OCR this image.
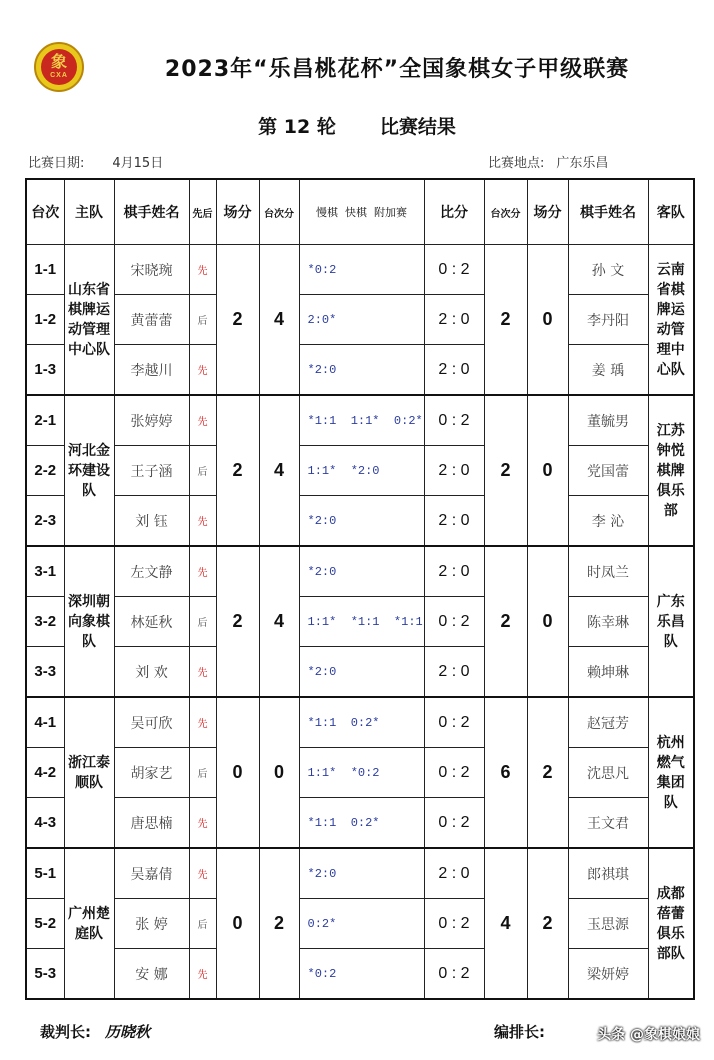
象
CXA	2023年“乐昌桃花杯”全国象棋女子甲级联赛
第 12 轮 比赛结果
比赛日期: 4月15日	比赛地点: 广东乐昌
台次	主队	棋手姓名	先后	场分	台次分	慢棋  快棋  附加赛	比分	台次分	场分	棋手姓名	客队
1-1	山东省棋牌运动管理中心队	宋晓琬	先	2	4	*0:2	0 : 2	2	0	孙 文	云南省棋牌运动管理中心队
1-2		黄蕾蕾	后			2:0*	2 : 0			李丹阳	
1-3		李越川	先			*2:0	2 : 0			姜 瑀	
2-1	河北金环建设队	张婷婷	先	2	4	*1:1  1:1*  0:2*	0 : 2	2	0	董毓男	江苏钟悦棋牌俱乐部
2-2		王子涵	后			1:1*  *2:0	2 : 0			党国蕾	
2-3		刘 钰	先			*2:0	2 : 0			李 沁	
3-1	深圳朝向象棋队	左文静	先	2	4	*2:0	2 : 0	2	0	时凤兰	广东乐昌队
3-2		林延秋	后			1:1*  *1:1  *1:1	0 : 2			陈幸琳	
3-3		刘 欢	先			*2:0	2 : 0			赖坤琳	
4-1	浙江泰顺队	吴可欣	先	0	0	*1:1  0:2*	0 : 2	6	2	赵冠芳	杭州燃气集团队
4-2		胡家艺	后			1:1*  *0:2	0 : 2			沈思凡	
4-3		唐思楠	先			*1:1  0:2*	0 : 2			王文君	
5-1	广州楚庭队	吴嘉倩	先	0	2	*2:0	2 : 0	4	2	郎祺琪	成都蓓蕾俱乐部队
5-2		张 婷	后			0:2*	0 : 2			玉思源	
5-3		安 娜	先			*0:2	0 : 2			梁妍婷	
裁判长: 历晓秋	编排长:	头条 @象棋娘娘
